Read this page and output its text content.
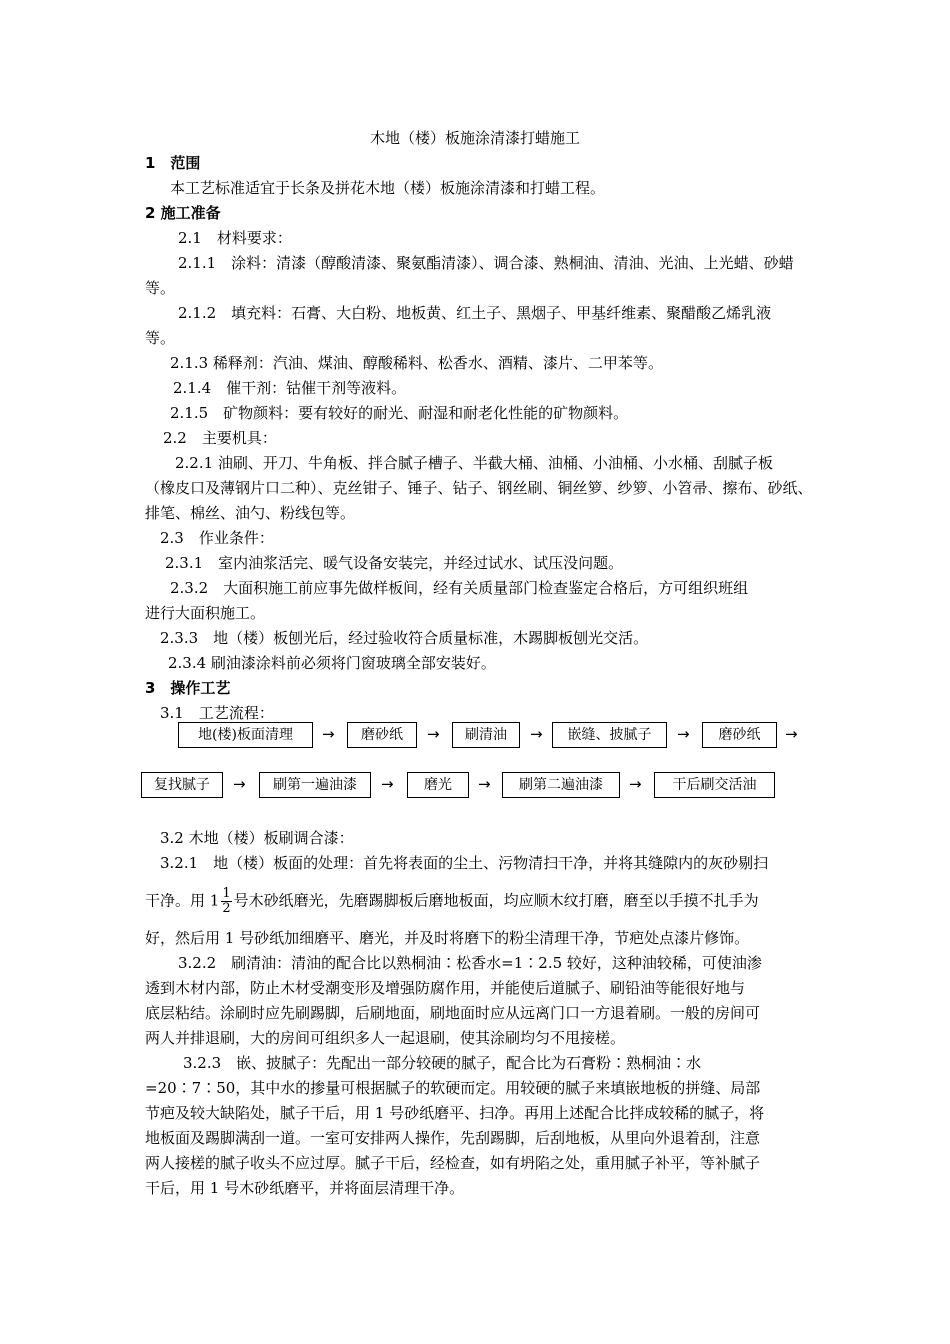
木地（楼）板施涂清漆打蜡施工
1　范围
本工艺标准适宜于长条及拼花木地（楼）板施涂清漆和打蜡工程。
2 施工准备
2.1　材料要求：
2.1.1　涂料：清漆（醇酸清漆、聚氨酯清漆）、调合漆、熟桐油、清油、光油、上光蜡、砂蜡
等。
2.1.2　填充料：石膏、大白粉、地板黄、红土子、黑烟子、甲基纤维素、聚醋酸乙烯乳液
等。
2.1.3 稀释剂：汽油、煤油、醇酸稀料、松香水、酒精、漆片、二甲苯等。
2.1.4　催干剂：钴催干剂等液料。
2.1.5　矿物颜料：要有较好的耐光、耐湿和耐老化性能的矿物颜料。
2.2　主要机具：
2.2.1 油刷、开刀、牛角板、拌合腻子槽子、半截大桶、油桶、小油桶、小水桶、刮腻子板
（橡皮口及薄钢片口二种）、克丝钳子、锤子、钻子、钢丝刷、铜丝箩、纱箩、小笤帚、擦布、砂纸、
排笔、棉丝、油勺、粉线包等。
2.3　作业条件：
2.3.1　室内油浆活完、暖气设备安装完，并经过试水、试压没问题。
2.3.2　大面积施工前应事先做样板间，经有关质量部门检查鉴定合格后，方可组织班组
进行大面积施工。
2.3.3　地（楼）板刨光后，经过验收符合质量标准，木踢脚板刨光交活。
2.3.4 刷油漆涂料前必须将门窗玻璃全部安装好。
3　操作工艺
3.1　工艺流程：
地(楼)板面清理	→	磨砂纸	→	刷清油	→	嵌缝、披腻子	→	磨砂纸	→
复找腻子	→	刷第一遍油漆	→	磨光	→	刷第二遍油漆	→	干后刷交活油
3.2 木地（楼）板刷调合漆：
3.2.1　地（楼）板面的处理：首先将表面的尘土、污物清扫干净，并将其缝隙内的灰砂剔扫
干净。用 $1 \frac{1}{2}$ 号木砂纸磨光，先磨踢脚板后磨地板面，均应顺木纹打磨，磨至以手摸不扎手为
好，然后用 1 号砂纸加细磨平、磨光，并及时将磨下的粉尘清理干净，节疤处点漆片修饰。
3.2.2　刷清油：清油的配合比以熟桐油∶松香水=1∶2.5 较好，这种油较稀，可使油渗
透到木材内部，防止木材受潮变形及增强防腐作用，并能使后道腻子、刷铅油等能很好地与
底层粘结。涂刷时应先刷踢脚，后刷地面，刷地面时应从远离门口一方退着刷。一般的房间可
两人并排退刷，大的房间可组织多人一起退刷，使其涂刷均匀不甩接槎。
3.2.3　嵌、披腻子：先配出一部分较硬的腻子，配合比为石膏粉∶熟桐油∶水
=20∶7∶50，其中水的掺量可根据腻子的软硬而定。用较硬的腻子来填嵌地板的拼缝、局部
节疤及较大缺陷处，腻子干后，用 1 号砂纸磨平、扫净。再用上述配合比拌成较稀的腻子，将
地板面及踢脚满刮一道。一室可安排两人操作，先刮踢脚，后刮地板，从里向外退着刮，注意
两人接槎的腻子收头不应过厚。腻子干后，经检查，如有坍陷之处，重用腻子补平，等补腻子
干后，用 1 号木砂纸磨平，并将面层清理干净。
